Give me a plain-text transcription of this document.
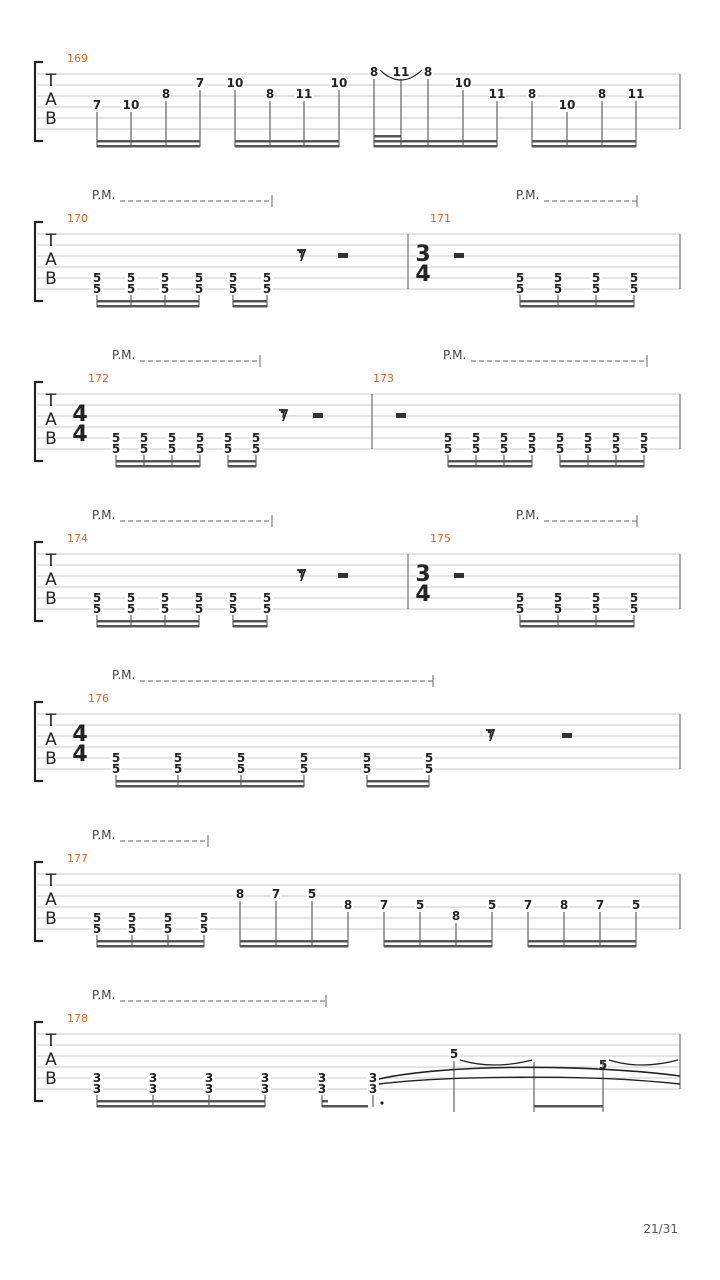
T
A
B
169
7 10
8
7 10
8 11
10
8 11 8
10
11 8
10
8 11
T
A
B
P.M.	P.M.
170
𝄾
5
5
5
5
5
5
5
5
5
5
5
5
171
3
4	5
5
5
5
5
5
5
5
T
A
B
P.M.	P.M.
172
4
4
𝄾
5
5
5
5
5
5
5
5
5
5
5
5
173
5
5
5
5
5
5
5
5
5
5
5
5
5
5
5
5
T
A
B
P.M.	P.M.
174
𝄾
5
5
5
5
5
5
5
5
5
5
5
5
175
3
4	5
5
5
5
5
5
5
5
T
A
B
P.M.
176
4
4
𝄾
5
5
5
5
5
5
5
5
5
5
5
5
T
A
B
P.M.
177
5
5
5
5
5
5
5
5
8 7 5
8 7 5
8
5 7 8 7 5
T
A
B
P.M.
178
3
3
3
3
3
3
3
3
3
3
3
3
5
5
21/31
